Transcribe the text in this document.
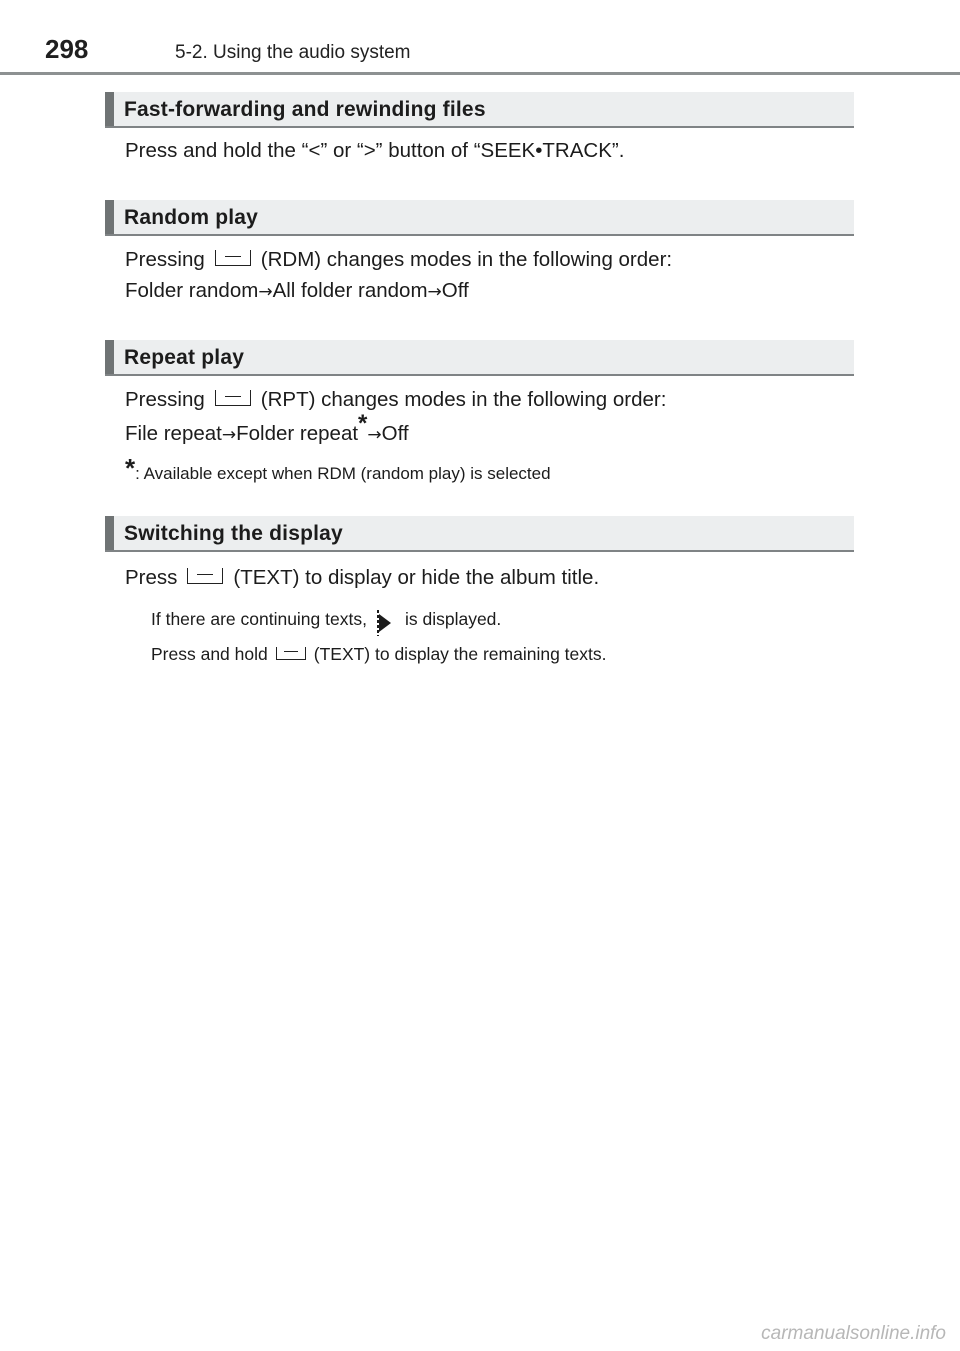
298	5-2. Using the audio system
Fast-forwarding and rewinding files
Press and hold the “<” or “>” button of “SEEK•TRACK”.
Random play
Pressing	(RDM) changes modes in the following order:
Folder random→All folder random→Off
Repeat play
Pressing	(RPT) changes modes in the following order:
File repeat→Folder repeat*→Off
*: Available except when RDM (random play) is selected
Switching the display
Press	(TEXT) to display or hide the album title.
If there are continuing texts, is displayed.
Press and hold	(TEXT) to display the remaining texts.
carmanualsonline.info
